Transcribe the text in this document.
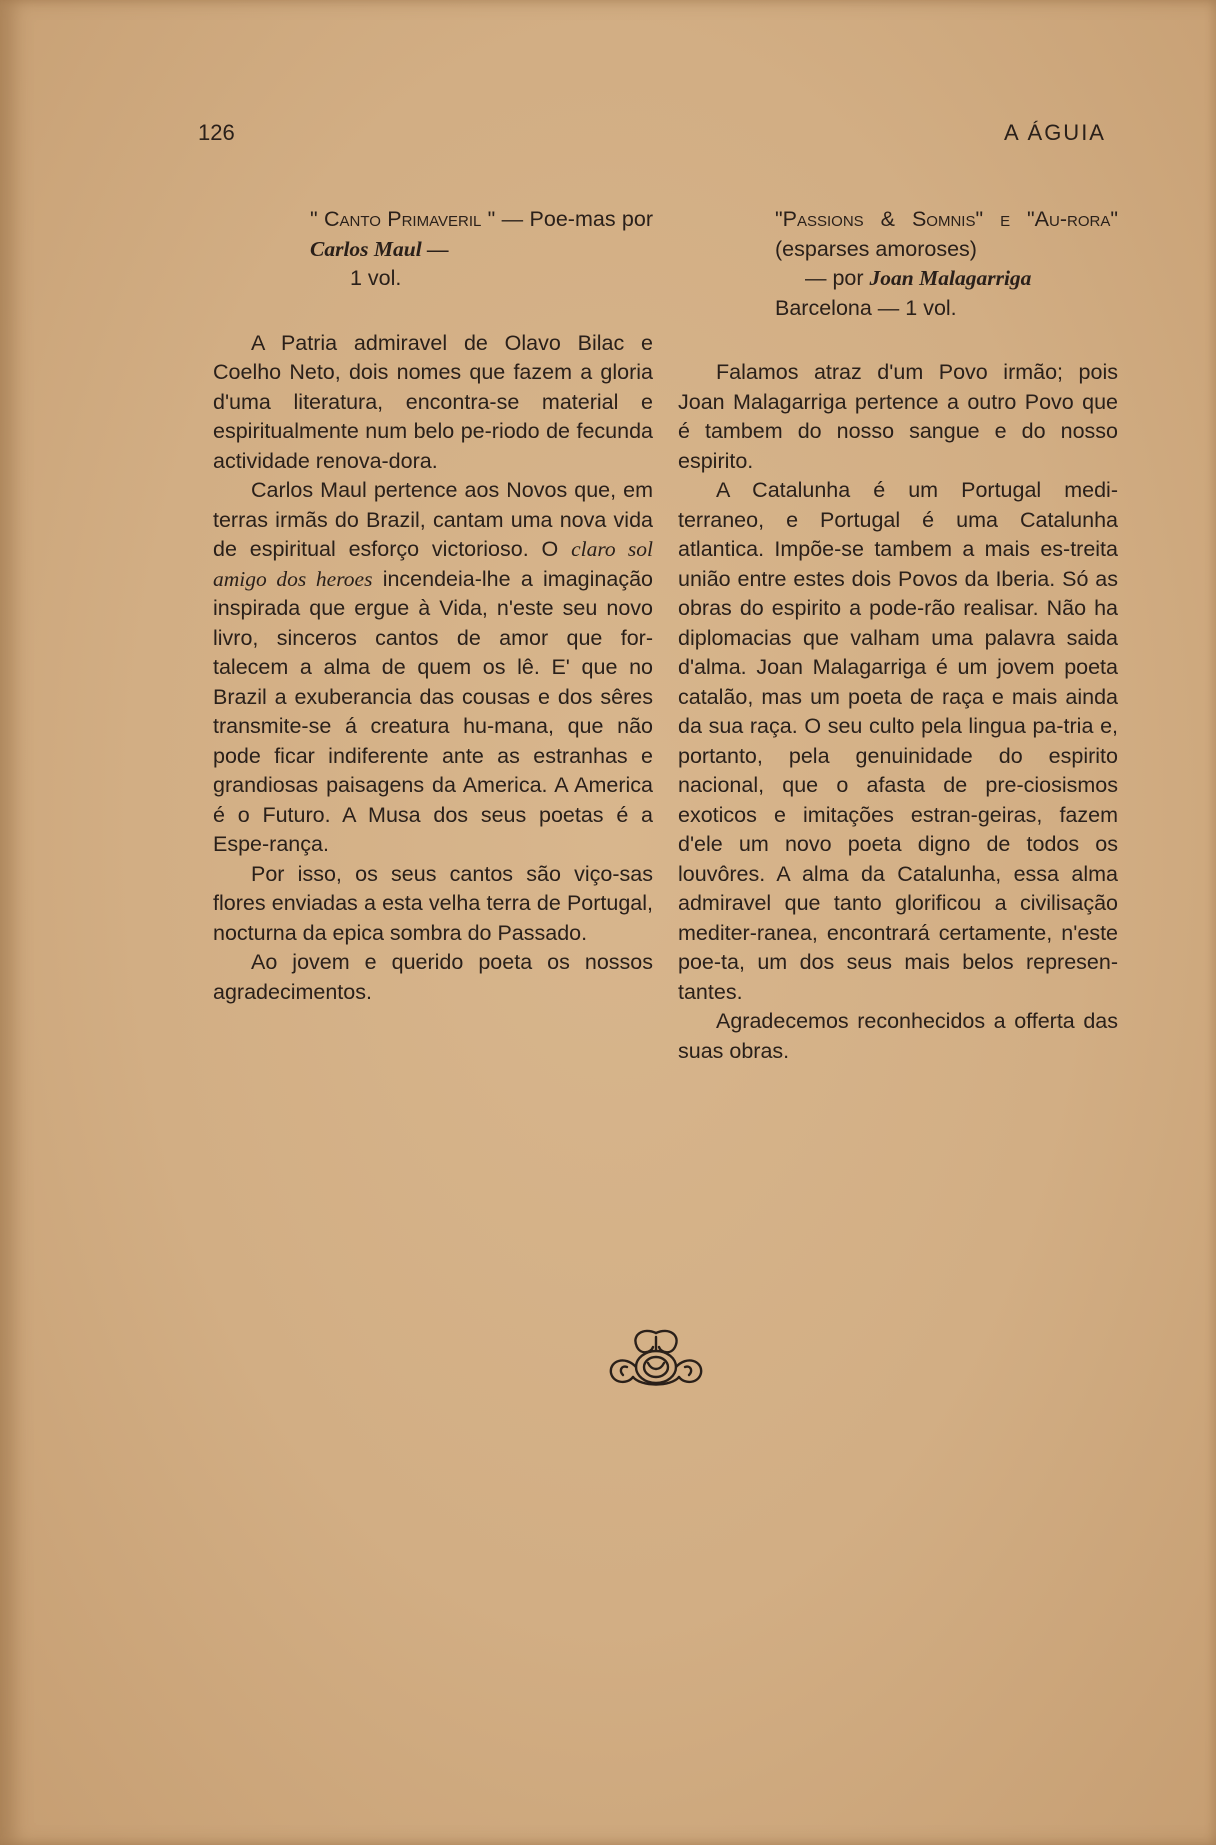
126	A ÁGUIA
" Canto Primaveril " — Poe-mas por Carlos Maul —
1 vol.

A Patria admiravel de Olavo Bilac e Coelho Neto, dois nomes que fazem a gloria d'uma literatura, encontra-se material e espiritualmente num belo pe-riodo de fecunda actividade renova-dora.

Carlos Maul pertence aos Novos que, em terras irmãs do Brazil, cantam uma nova vida de espiritual esforço victorioso. O claro sol amigo dos heroes incendeia-lhe a imaginação inspirada que ergue à Vida, n'este seu novo livro, sinceros cantos de amor que for-talecem a alma de quem os lê. E' que no Brazil a exuberancia das cousas e dos sêres transmite-se á creatura hu-mana, que não pode ficar indiferente ante as estranhas e grandiosas paisagens da America. A America é o Futuro. A Musa dos seus poetas é a Espe-rança.

Por isso, os seus cantos são viço-sas flores enviadas a esta velha terra de Portugal, nocturna da epica sombra do Passado.

Ao jovem e querido poeta os nossos agradecimentos.

"Passions & Somnis" e "Au-rora" (esparses amoroses)
— por Joan Malagarriga
Barcelona — 1 vol.

Falamos atraz d'um Povo irmão; pois Joan Malagarriga pertence a outro Povo que é tambem do nosso sangue e do nosso espirito.

A Catalunha é um Portugal medi-terraneo, e Portugal é uma Catalunha atlantica. Impõe-se tambem a mais es-treita união entre estes dois Povos da Iberia. Só as obras do espirito a pode-rão realisar. Não ha diplomacias que valham uma palavra saida d'alma. Joan Malagarriga é um jovem poeta catalão, mas um poeta de raça e mais ainda da sua raça. O seu culto pela lingua pa-tria e, portanto, pela genuinidade do espirito nacional, que o afasta de pre-ciosismos exoticos e imitações estran-geiras, fazem d'ele um novo poeta digno de todos os louvôres. A alma da Catalunha, essa alma admiravel que tanto glorificou a civilisação mediter-ranea, encontrará certamente, n'este poe-ta, um dos seus mais belos represen-tantes.

Agradecemos reconhecidos a offerta das suas obras.
